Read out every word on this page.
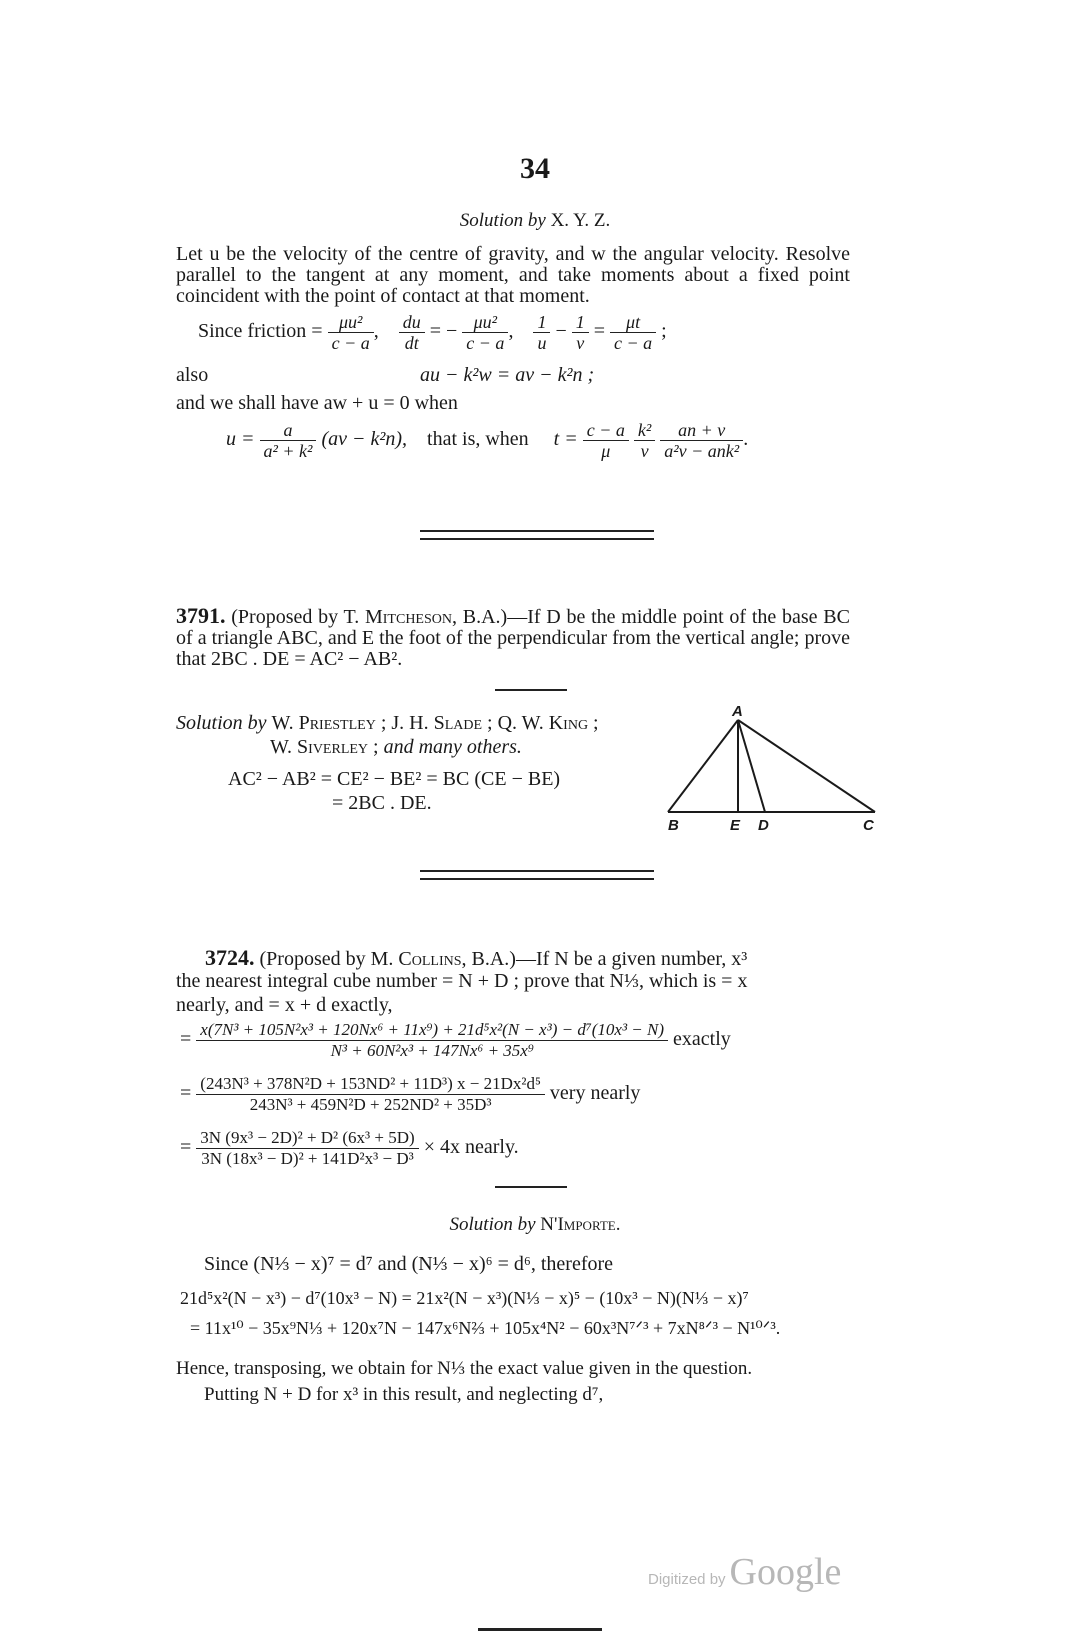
34
Solution by X. Y. Z.
Let u be the velocity of the centre of gravity, and w the angular velocity. Resolve parallel to the tangent at any moment, and take moments about a fixed point coincident with the point of contact at that moment.
Since friction = $\frac{\text{μu²}}{c - a}$ , $\frac{du}{dt}$ = − $\frac{\text{μu²}}{c - a}$ , $\frac{1}{u} - \frac{1}{v} = \frac{\mu t}{c - a}$ ;
also	au − k²w = av − k²n ;
and we shall have aw + u = 0 when
$u = \frac{a}{\text{a² + k²}} (av - k^2n)$, that is, when $t = \frac{c - a}{\mu}$
$\frac{\text{k²}}{v}$
$\frac{an + v}{\text{a²v − ank²}}$ .
3791. (Proposed by T. Mitcheson, B.A.)—If D be the middle point of the base BC of a triangle ABC, and E the foot of the perpendicular from the vertical angle; prove that 2BC . DE = AC² − AB².
Solution by W. Priestley ; J. H. Slade ; Q. W. King ;
W. Siverley ; and many others.
AC² − AB² = CE² − BE² = BC (CE − BE)
= 2BC . DE.
A
B	E D	C
3724. (Proposed by M. Collins, B.A.)—If N be a given number, x³
the nearest integral cube number = N + D ; prove that N⅓, which is = x
nearly, and = x + d exactly,
= x(7N³ + 105N²x³ + 120Nx⁶ + 11x⁹) + 21d⁵x²(N − x³) − d⁷(10x³ − N)
N³ + 60N²x³ + 147Nx⁶ + 35x⁹
exactly
= $\frac{\text{(243N³ + 378N²D + 153ND² + 11D³) x − 21Dx²d⁵}}{\text{243N³ + 459N²D + 252ND² + 35D³}}$ very nearly
= $\frac{\text{3N (9x³ − 2D)² + D² (6x³ + 5D)}}{\text{3N (18x³ − D)² + 141D²x³ − D³}} \times 4x$ nearly.
Solution by N'Importe.
Since (N⅓ − x)⁷ = d⁷ and (N⅓ − x)⁶ = d⁶, therefore
21d⁵x²(N − x³) − d⁷(10x³ − N) = 21x²(N − x³)(N⅓ − x)⁵ − (10x³ − N)(N⅓ − x)⁷
= 11x¹⁰ − 35x⁹N⅓ + 120x⁷N − 147x⁶N⅔ + 105x⁴N² − 60x³N⁷ᐟ³ + 7xN⁸ᐟ³ − N¹⁰ᐟ³.
Hence, transposing, we obtain for N⅓ the exact value given in the question.
Putting N + D for x³ in this result, and neglecting d⁷,
Digitized by Google
